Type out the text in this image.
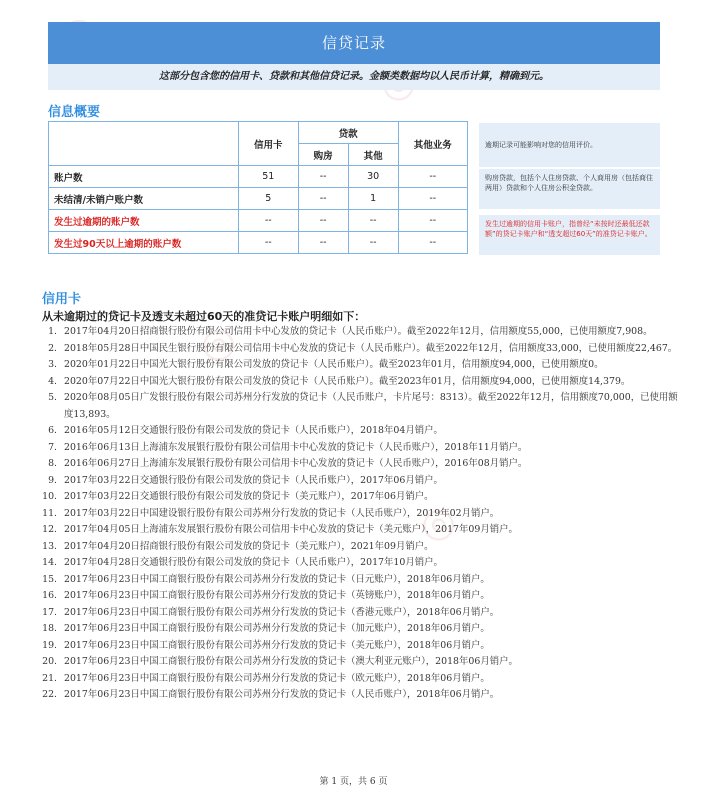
◎
◎
信贷记录
这部分包含您的信用卡、贷款和其他信贷记录。金额类数据均以人民币计算，精确到元。
信息概要
	信用卡	贷款		其他业务
		购房	其他	
账户数	51	--	30	--
未结清/未销户账户数	5	--	1	--
发生过逾期的账户数	--	--	--	--
发生过90天以上逾期的账户数	--	--	--	--
逾期记录可能影响对您的信用评价。
购房贷款，包括个人住房贷款、个人商用房（包括商住两用）贷款和个人住房公积金贷款。
发生过逾期的信用卡账户，指曾经“未按时还最低还款额”的贷记卡账户和“透支超过60天”的准贷记卡账户。
信用卡
从未逾期过的贷记卡及透支未超过60天的准贷记卡账户明细如下：
1. 2017年04月20日招商银行股份有限公司信用卡中心发放的贷记卡（人民币账户）。截至2022年12月，信用额度55,000，已使用额度7,908。
2. 2018年05月28日中国民生银行股份有限公司信用卡中心发放的贷记卡（人民币账户）。截至2022年12月，信用额度33,000，已使用额度22,467。
3. 2020年01月22日中国光大银行股份有限公司发放的贷记卡（人民币账户）。截至2023年01月，信用额度94,000，已使用额度0。
4. 2020年07月22日中国光大银行股份有限公司发放的贷记卡（人民币账户）。截至2023年01月，信用额度94,000，已使用额度14,379。
5. 2020年08月05日广发银行股份有限公司苏州分行发放的贷记卡（人民币账户，卡片尾号：8313）。截至2022年12月，信用额度70,000，已使用额度13,893。
6. 2016年05月12日交通银行股份有限公司发放的贷记卡（人民币账户），2018年04月销户。
7. 2016年06月13日上海浦东发展银行股份有限公司信用卡中心发放的贷记卡（人民币账户），2018年11月销户。
8. 2016年06月27日上海浦东发展银行股份有限公司信用卡中心发放的贷记卡（人民币账户），2016年08月销户。
9. 2017年03月22日交通银行股份有限公司发放的贷记卡（人民币账户），2017年06月销户。
10. 2017年03月22日交通银行股份有限公司发放的贷记卡（美元账户），2017年06月销户。
11. 2017年03月22日中国建设银行股份有限公司苏州分行发放的贷记卡（人民币账户），2019年02月销户。
12. 2017年04月05日上海浦东发展银行股份有限公司信用卡中心发放的贷记卡（美元账户），2017年09月销户。
13. 2017年04月20日招商银行股份有限公司发放的贷记卡（美元账户），2021年09月销户。
14. 2017年04月28日交通银行股份有限公司发放的贷记卡（人民币账户），2017年10月销户。
15. 2017年06月23日中国工商银行股份有限公司苏州分行发放的贷记卡（日元账户），2018年06月销户。
16. 2017年06月23日中国工商银行股份有限公司苏州分行发放的贷记卡（英镑账户），2018年06月销户。
17. 2017年06月23日中国工商银行股份有限公司苏州分行发放的贷记卡（香港元账户），2018年06月销户。
18. 2017年06月23日中国工商银行股份有限公司苏州分行发放的贷记卡（加元账户），2018年06月销户。
19. 2017年06月23日中国工商银行股份有限公司苏州分行发放的贷记卡（美元账户），2018年06月销户。
20. 2017年06月23日中国工商银行股份有限公司苏州分行发放的贷记卡（澳大利亚元账户），2018年06月销户。
21. 2017年06月23日中国工商银行股份有限公司苏州分行发放的贷记卡（欧元账户），2018年06月销户。
22. 2017年06月23日中国工商银行股份有限公司苏州分行发放的贷记卡（人民币账户），2018年06月销户。
第 1 页，共 6 页
